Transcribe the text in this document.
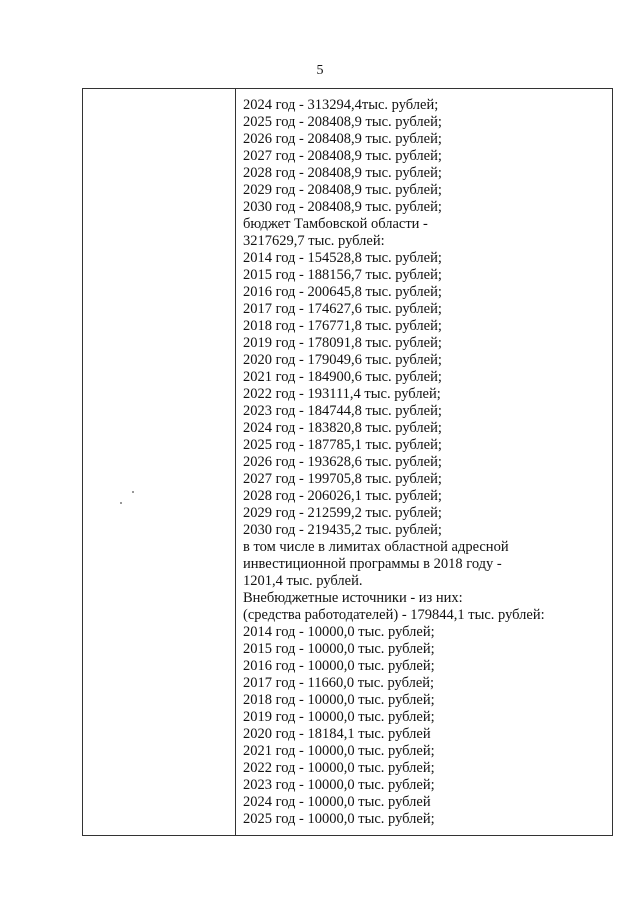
5
2024 год - 313294,4тыс. рублей;
2025 год - 208408,9 тыс. рублей;
2026 год - 208408,9 тыс. рублей;
2027 год - 208408,9 тыс. рублей;
2028 год - 208408,9 тыс. рублей;
2029 год - 208408,9 тыс. рублей;
2030 год - 208408,9 тыс. рублей;
бюджет Тамбовской области -
3217629,7 тыс. рублей:
2014 год - 154528,8 тыс. рублей;
2015 год - 188156,7 тыс. рублей;
2016 год - 200645,8 тыс. рублей;
2017 год - 174627,6 тыс. рублей;
2018 год - 176771,8 тыс. рублей;
2019 год - 178091,8 тыс. рублей;
2020 год - 179049,6 тыс. рублей;
2021 год - 184900,6 тыс. рублей;
2022 год - 193111,4 тыс. рублей;
2023 год - 184744,8 тыс. рублей;
2024 год - 183820,8 тыс. рублей;
2025 год - 187785,1 тыс. рублей;
2026 год - 193628,6 тыс. рублей;
2027 год - 199705,8 тыс. рублей;
2028 год - 206026,1 тыс. рублей;
2029 год - 212599,2 тыс. рублей;
2030 год - 219435,2 тыс. рублей;
в том числе в лимитах областной адресной
инвестиционной программы в 2018 году -
1201,4 тыс. рублей.
Внебюджетные источники - из них:
(средства работодателей) - 179844,1 тыс. рублей:
2014 год - 10000,0 тыс. рублей;
2015 год - 10000,0 тыс. рублей;
2016 год - 10000,0 тыс. рублей;
2017 год - 11660,0 тыс. рублей;
2018 год - 10000,0 тыс. рублей;
2019 год - 10000,0 тыс. рублей;
2020 год - 18184,1 тыс. рублей
2021 год - 10000,0 тыс. рублей;
2022 год - 10000,0 тыс. рублей;
2023 год - 10000,0 тыс. рублей;
2024 год - 10000,0 тыс. рублей
2025 год - 10000,0 тыс. рублей;
